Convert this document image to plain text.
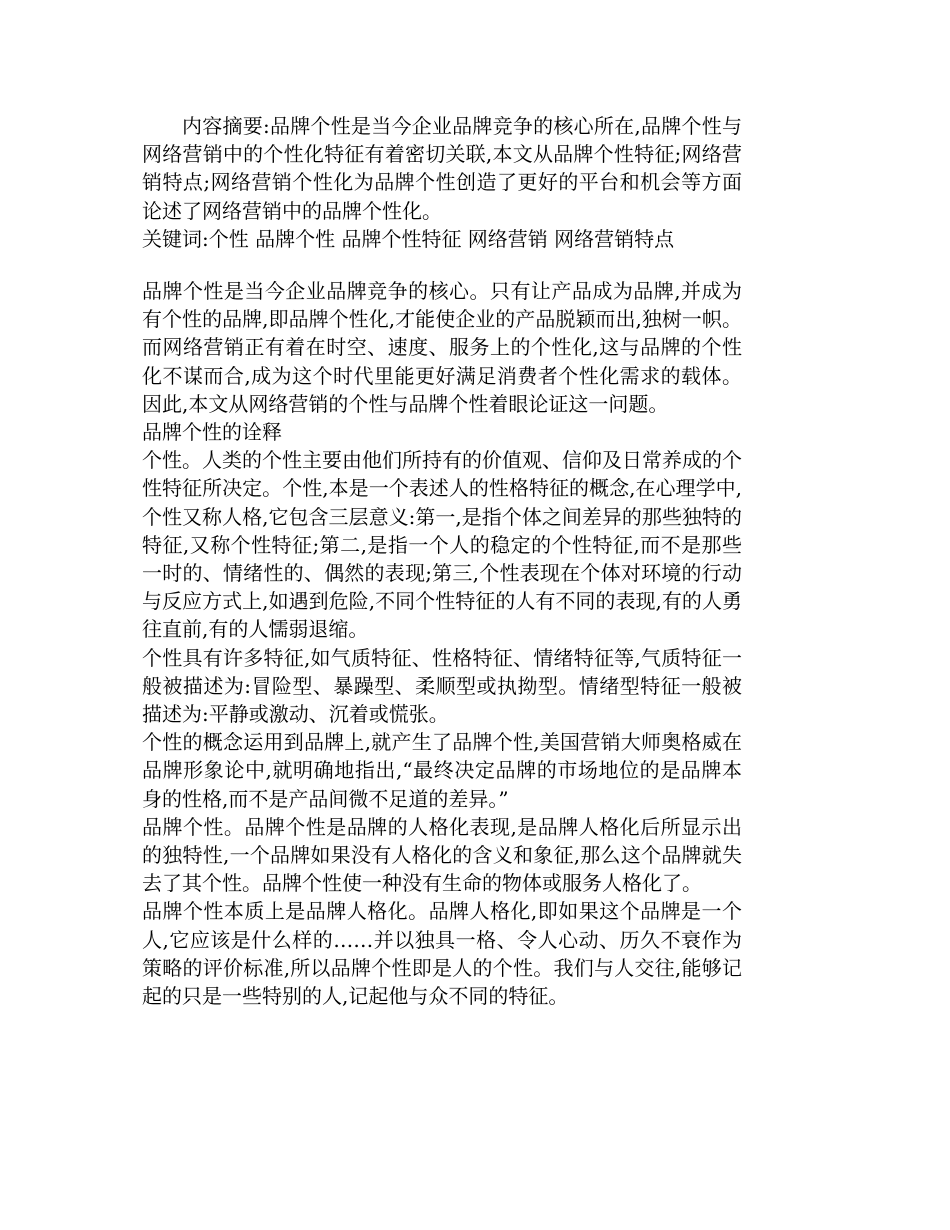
内容摘要:品牌个性是当今企业品牌竞争的核心所在,品牌个性与网络营销中的个性化特征有着密切关联,本文从品牌个性特征;网络营销特点;网络营销个性化为品牌个性创造了更好的平台和机会等方面论述了网络营销中的品牌个性化。

关键词:个性 品牌个性 品牌个性特征 网络营销 网络营销特点

品牌个性是当今企业品牌竞争的核心。只有让产品成为品牌,并成为有个性的品牌,即品牌个性化,才能使企业的产品脱颖而出,独树一帜。而网络营销正有着在时空、速度、服务上的个性化,这与品牌的个性化不谋而合,成为这个时代里能更好满足消费者个性化需求的载体。因此,本文从网络营销的个性与品牌个性着眼论证这一问题。

品牌个性的诠释

个性。人类的个性主要由他们所持有的价值观、信仰及日常养成的个性特征所决定。个性,本是一个表述人的性格特征的概念,在心理学中,个性又称人格,它包含三层意义:第一,是指个体之间差异的那些独特的特征,又称个性特征;第二,是指一个人的稳定的个性特征,而不是那些一时的、情绪性的、偶然的表现;第三,个性表现在个体对环境的行动与反应方式上,如遇到危险,不同个性特征的人有不同的表现,有的人勇往直前,有的人懦弱退缩。

个性具有许多特征,如气质特征、性格特征、情绪特征等,气质特征一般被描述为:冒险型、暴躁型、柔顺型或执拗型。情绪型特征一般被描述为:平静或激动、沉着或慌张。

个性的概念运用到品牌上,就产生了品牌个性,美国营销大师奥格威在品牌形象论中,就明确地指出,“最终决定品牌的市场地位的是品牌本身的性格,而不是产品间微不足道的差异。”

品牌个性。品牌个性是品牌的人格化表现,是品牌人格化后所显示出的独特性,一个品牌如果没有人格化的含义和象征,那么这个品牌就失去了其个性。品牌个性使一种没有生命的物体或服务人格化了。

品牌个性本质上是品牌人格化。品牌人格化,即如果这个品牌是一个人,它应该是什么样的……并以独具一格、令人心动、历久不衰作为策略的评价标准,所以品牌个性即是人的个性。我们与人交往,能够记起的只是一些特别的人,记起他与众不同的特征。
